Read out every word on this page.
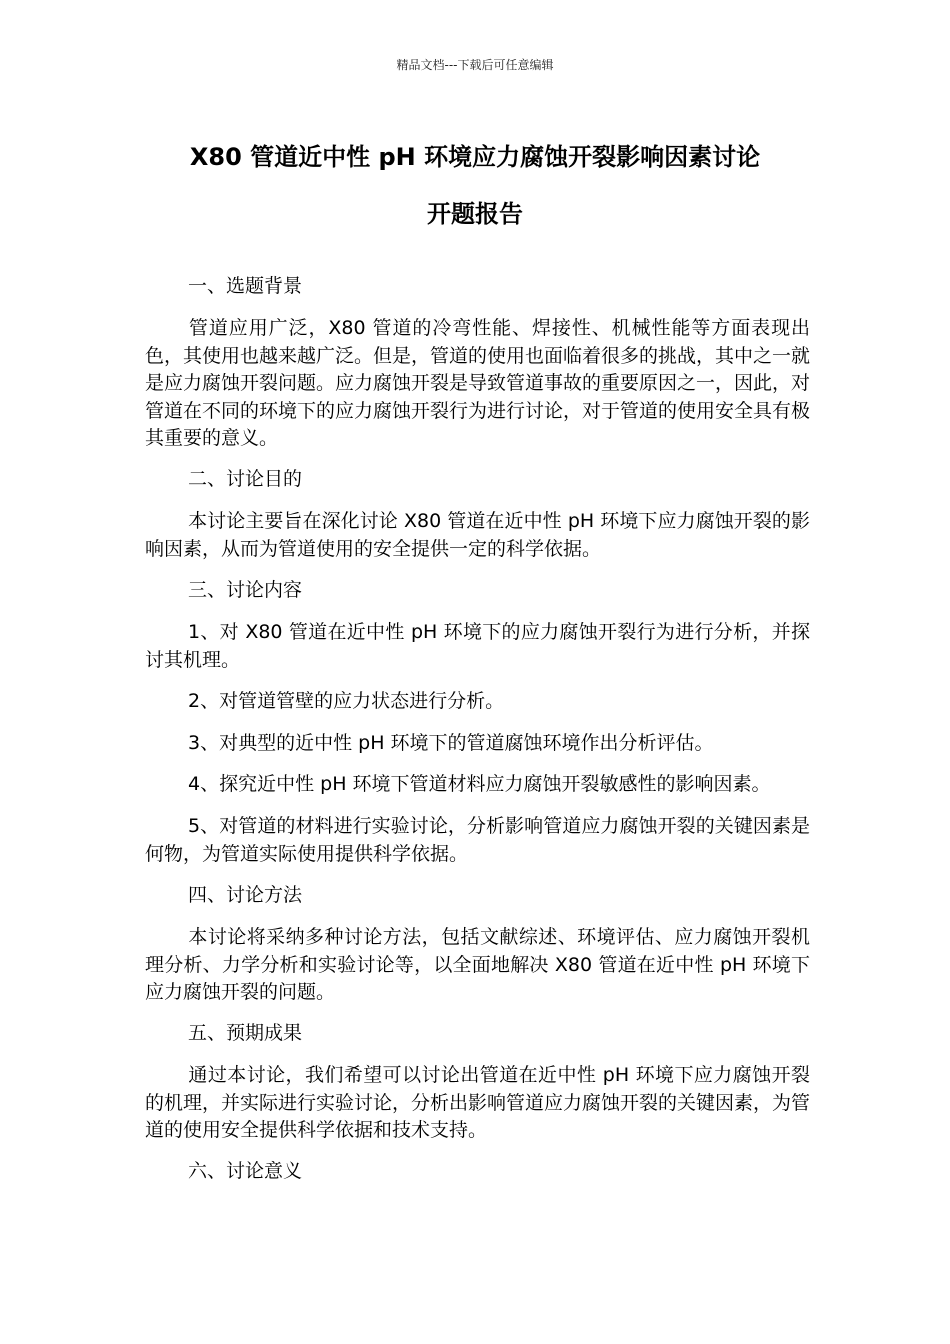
精品文档---下载后可任意编辑
X80 管道近中性 pH 环境应力腐蚀开裂影响因素讨论
开题报告
一、选题背景
管道应用广泛，X80 管道的冷弯性能、焊接性、机械性能等方面表现出色，其使用也越来越广泛。但是，管道的使用也面临着很多的挑战，其中之一就是应力腐蚀开裂问题。应力腐蚀开裂是导致管道事故的重要原因之一，因此，对管道在不同的环境下的应力腐蚀开裂行为进行讨论，对于管道的使用安全具有极其重要的意义。
二、讨论目的
本讨论主要旨在深化讨论 X80 管道在近中性 pH 环境下应力腐蚀开裂的影响因素，从而为管道使用的安全提供一定的科学依据。
三、讨论内容
1、对 X80 管道在近中性 pH 环境下的应力腐蚀开裂行为进行分析，并探讨其机理。
2、对管道管壁的应力状态进行分析。
3、对典型的近中性 pH 环境下的管道腐蚀环境作出分析评估。
4、探究近中性 pH 环境下管道材料应力腐蚀开裂敏感性的影响因素。
5、对管道的材料进行实验讨论，分析影响管道应力腐蚀开裂的关键因素是何物，为管道实际使用提供科学依据。
四、讨论方法
本讨论将采纳多种讨论方法，包括文献综述、环境评估、应力腐蚀开裂机理分析、力学分析和实验讨论等，以全面地解决 X80 管道在近中性 pH 环境下应力腐蚀开裂的问题。
五、预期成果
通过本讨论，我们希望可以讨论出管道在近中性 pH 环境下应力腐蚀开裂的机理，并实际进行实验讨论，分析出影响管道应力腐蚀开裂的关键因素，为管道的使用安全提供科学依据和技术支持。
六、讨论意义
